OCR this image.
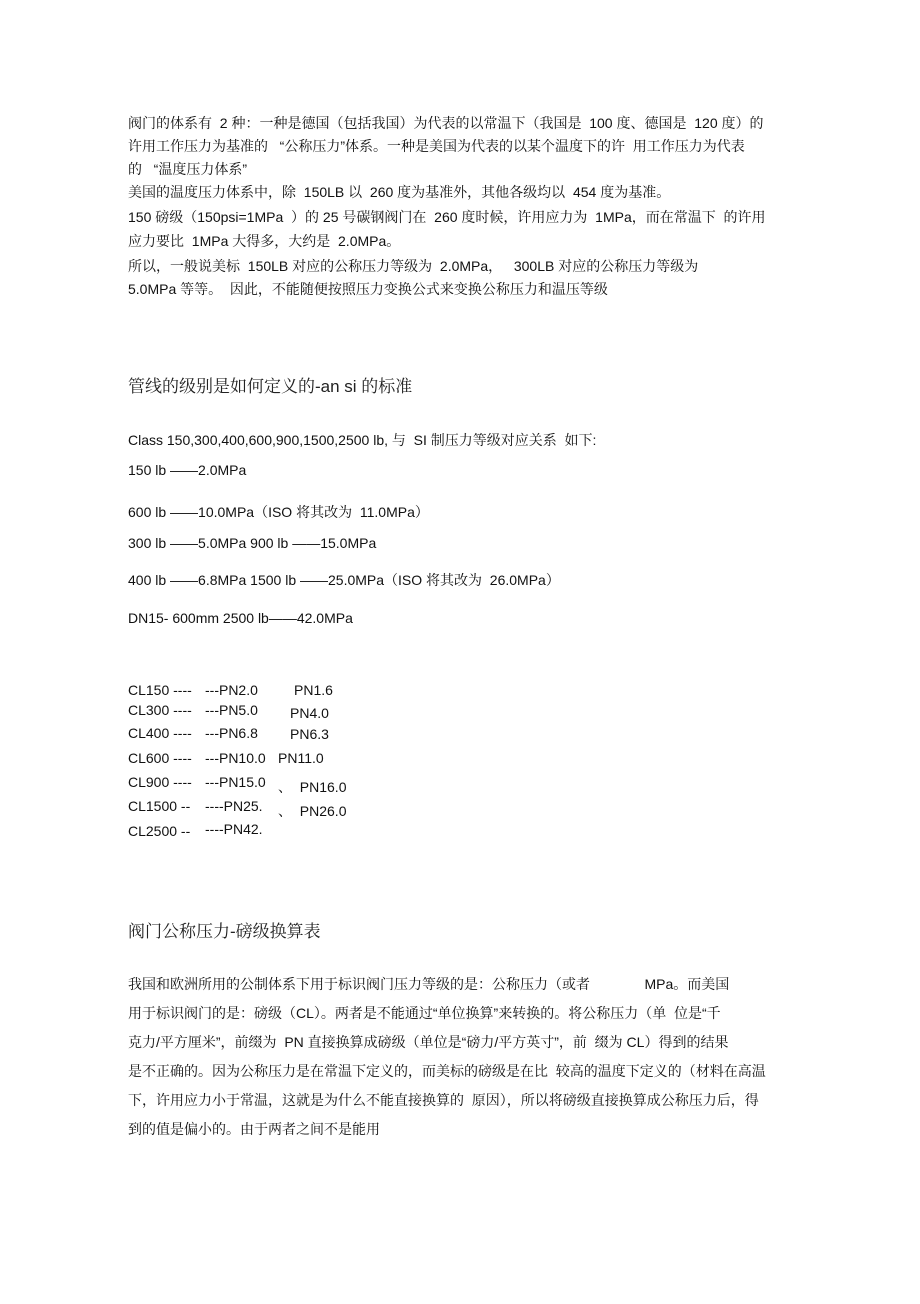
阀门的体系有  2 种：一种是德国（包括我国）为代表的以常温下（我国是  100 度、德国是  120 度）的
许用工作压力为基准的   “公称压力”体系。一种是美国为代表的以某个温度下的许  用工作压力为代表
的   “温度压力体系”
美国的温度压力体系中，除  150LB 以  260 度为基准外，其他各级均以  454 度为基准。
150 磅级（150psi=1MPa  ）的 25 号碳钢阀门在  260 度时候，许用应力为  1MPa，而在常温下  的许用
应力要比  1MPa 大得多，大约是  2.0MPa。
所以，一般说美标  150LB 对应的公称压力等级为  2.0MPa，   300LB 对应的公称压力等级为
5.0MPa 等等。  因此，不能随便按照压力变换公式来变换公称压力和温压等级
管线的级别是如何定义的-an si 的标准
Class 150,300,400,600,900,1500,2500 lb, 与  SI 制压力等级对应关系  如下:
150 lb ——2.0MPa
600 lb ——10.0MPa（ISO 将其改为  11.0MPa）
300 lb ——5.0MPa 900 lb ——15.0MPa
400 lb ——6.8MPa 1500 lb ——25.0MPa（ISO 将其改为  26.0MPa）
DN15- 600mm 2500 lb——42.0MPa
CL150 ---- ---PN2.0	PN1.6
CL300 ---- ---PN5.0 PN4.0
CL400 ---- ---PN6.8 PN6.3
CL600 ---- ---PN10.0 PN11.0
CL900 ---- ---PN15.0 、  PN16.0
CL1500 -- ----PN25. 、  PN26.0
CL2500 -- ----PN42.
阀门公称压力-磅级换算表
我国和欧洲所用的公制体系下用于标识阀门压力等级的是：公称压力（或者              MPa。而美国
用于标识阀门的是：磅级（CL）。两者是不能通过“单位换算”来转换的。将公称压力（单  位是“千
克力/平方厘米”，前缀为  PN 直接换算成磅级（单位是“磅力/平方英寸”，前  缀为 CL）得到的结果
是不正确的。因为公称压力是在常温下定义的，而美标的磅级是在比  较高的温度下定义的（材料在高温
下，许用应力小于常温，这就是为什么不能直接换算的  原因），所以将磅级直接换算成公称压力后，得
到的值是偏小的。由于两者之间不是能用
